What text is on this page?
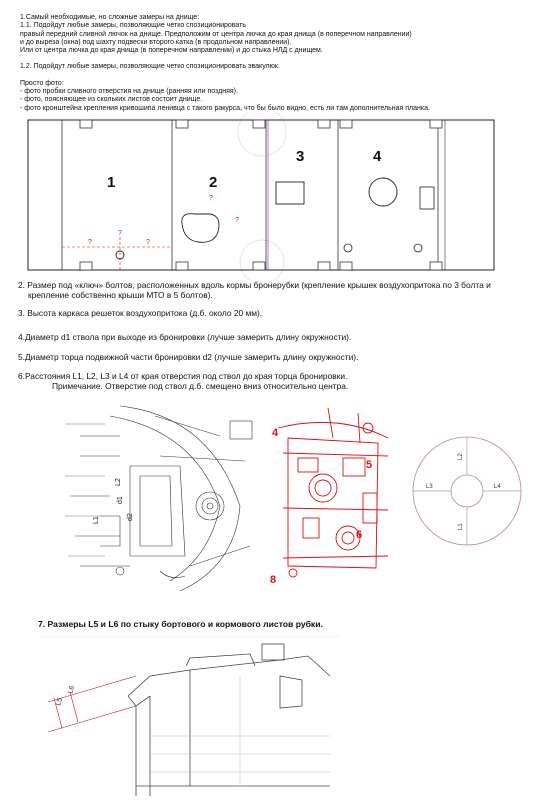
1.Самый необходимые, но сложные замеры на днище:
1.1. Подойдут любые замеры, позволяющие четко спозиционировать
правый передний сливной лючок на днище. Предположим от центра лючка до края днища (в поперечном направлении)
и до выреза (окна) под шахту подвески второго катка (в продольном направлении).
Или от центра лючка до края днища (в поперечном направлении) и до стыка НЛД с днищем.
1.2. Подойдут любые замеры, позволяющие четко спозиционировать эвакулюк.
Просто фото:
- фото пробки сливного отверстия на днище (ранняя или поздняя).
- фото, поясняющее из скольких листов состоит днище.
- фото кронштейна крепления кривошипа ленивца с такого ракурса, что бы было видно, есть ли там дополнительная планка.
1	2
3	4
?	?
?
?
?
2. Размер под «ключ» болтов, расположенных вдоль кормы бронерубки (крепление крышек воздухопритока по 3 болта и
крепление собственно крыши МТО в 5 болтов).
3. Высота каркаса решеток воздухопритока (д.б. около 20 мм).
4.Диаметр d1 ствола при выходе из бронировки (лучше замерить длину окружности).
5.Диаметр торца подвижной части бронировки d2 (лучше замерить длину окружности).
6.Расстояния L1, L2, L3 и L4 от края отверстия под ствол до края торца бронировки.
Примечание. Отверстие под ствол д.б. смещено вниз относительно центра.
L1	d2
d1
L2
4
5
6
8
L2
L3	L4
L1
7. Размеры L5 и L6 по стыку бортового и кормового листов рубки.
L6
L5
